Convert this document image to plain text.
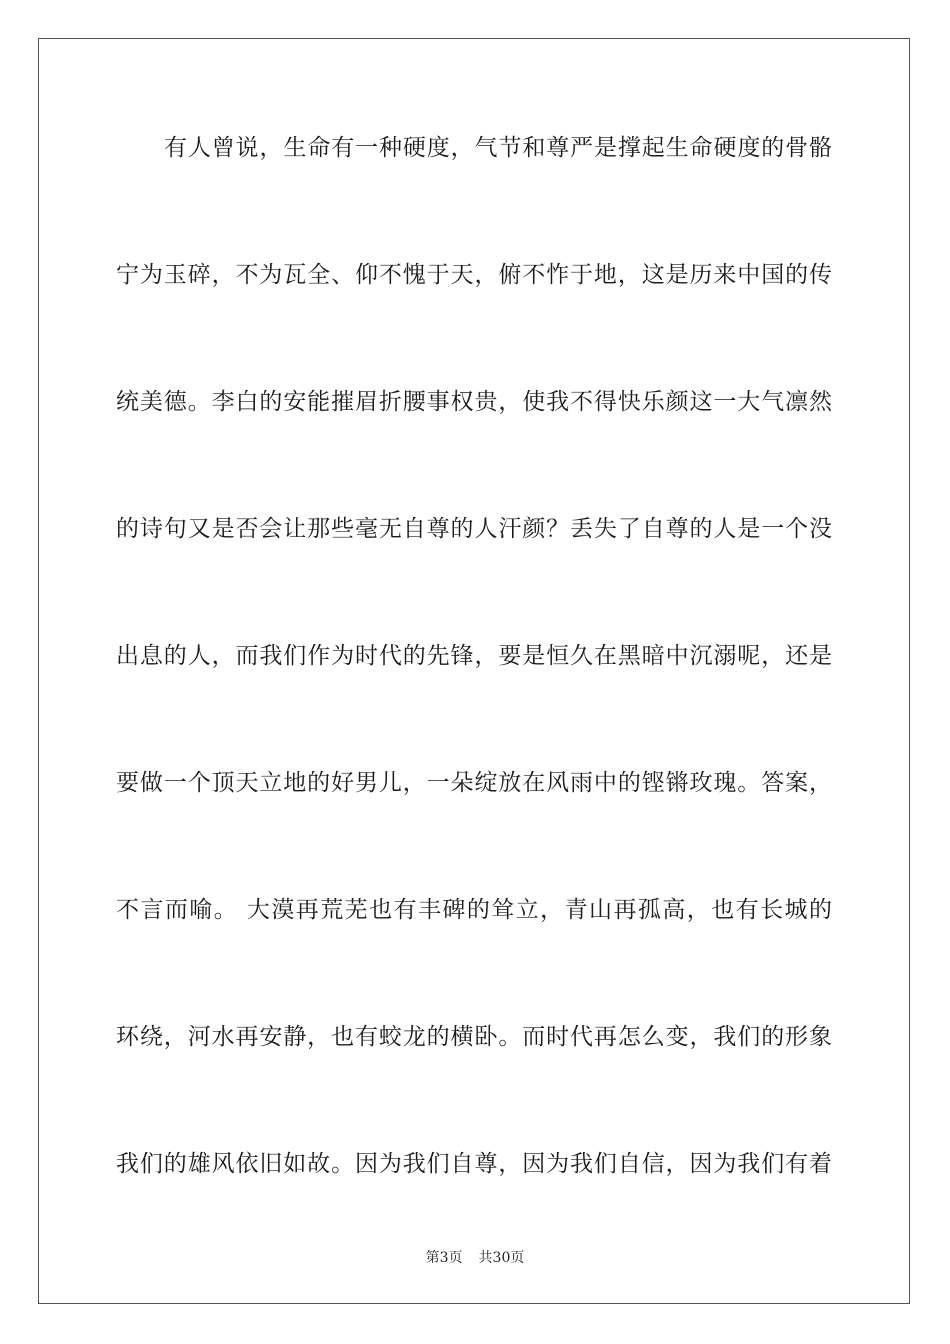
有人曾说，生命有一种硬度，气节和尊严是撑起生命硬度的骨骼
宁为玉碎，不为瓦全、仰不愧于天，俯不怍于地，这是历来中国的传
统美德。李白的安能摧眉折腰事权贵，使我不得快乐颜这一大气凛然
的诗句又是否会让那些毫无自尊的人汗颜？丢失了自尊的人是一个没
出息的人，而我们作为时代的先锋，要是恒久在黑暗中沉溺呢，还是
要做一个顶天立地的好男儿，一朵绽放在风雨中的铿锵玫瑰。答案，
不言而喻。 大漠再荒芜也有丰碑的耸立，青山再孤高，也有长城的
环绕，河水再安静，也有蛟龙的横卧。而时代再怎么变，我们的形象
我们的雄风依旧如故。因为我们自尊，因为我们自信，因为我们有着
第3页 共30页
